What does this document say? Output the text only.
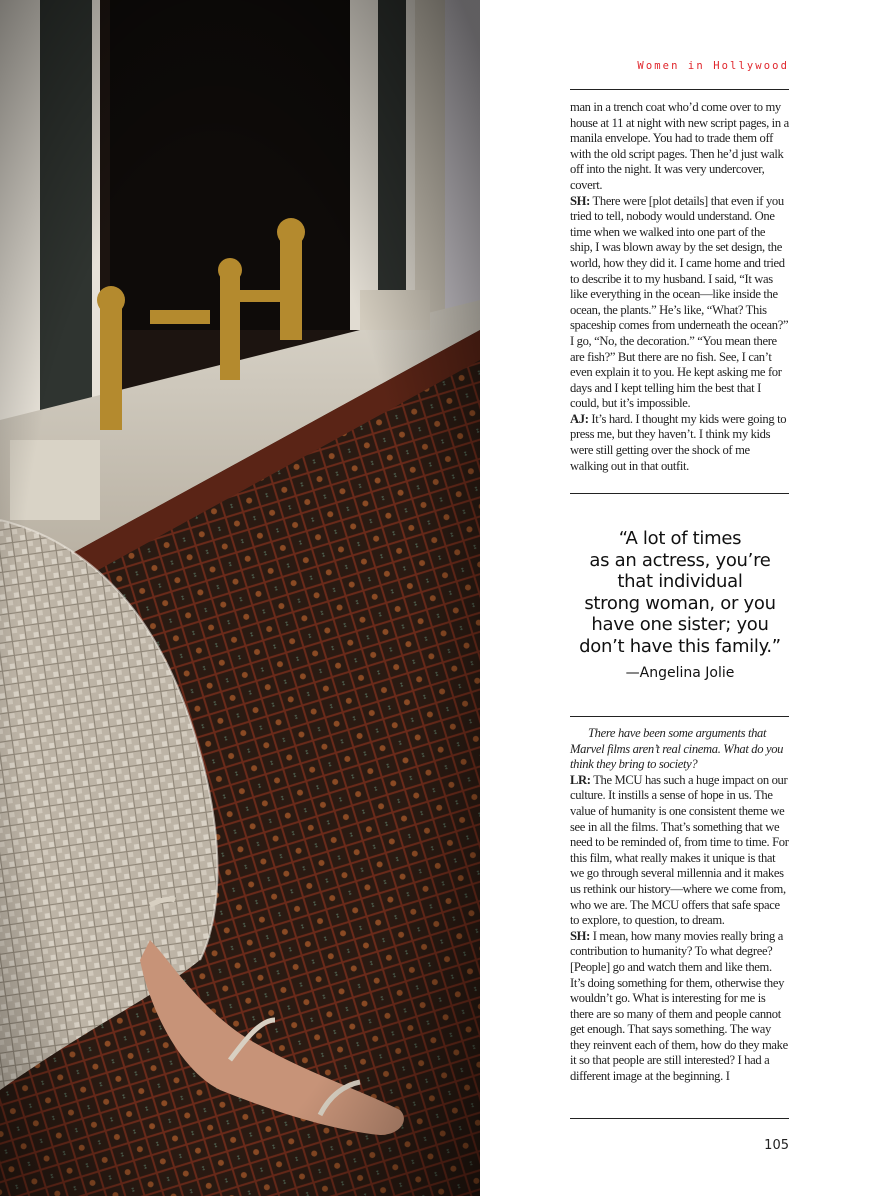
Women in Hollywood

man in a trench coat who’d come over to my house at 11 at night with new script pages, in a manila envelope. You had to trade them off with the old script pages. Then he’d just walk off into the night. It was very undercover, covert.

SH: There were [plot details] that even if you tried to tell, nobody would understand. One time when we walked into one part of the ship, I was blown away by the set design, the world, how they did it. I came home and tried to describe it to my husband. I said, “It was like everything in the ocean—like inside the ocean, the plants.” He’s like, “What? This spaceship comes from underneath the ocean?” I go, “No, the decoration.” “You mean there are fish?” But there are no fish. See, I can’t even explain it to you. He kept asking me for days and I kept telling him the best that I could, but it’s impossible.

AJ: It’s hard. I thought my kids were going to press me, but they haven’t. I think my kids were still getting over the shock of me walking out in that outfit.

“A lot of times
as an actress, you’re
that individual
strong woman, or you
have one sister; you
don’t have this family.”

—Angelina Jolie

There have been some arguments that Marvel films aren’t real cinema. What do you think they bring to society?

LR: The MCU has such a huge impact on our culture. It instills a sense of hope in us. The value of humanity is one consistent theme we see in all the films. That’s something that we need to be reminded of, from time to time. For this film, what really makes it unique is that we go through several millennia and it makes us rethink our history—where we come from, who we are. The MCU offers that safe space to explore, to question, to dream.

SH: I mean, how many movies really bring a contribution to humanity? To what degree? [People] go and watch them and like them. It’s doing something for them, otherwise they wouldn’t go. What is interesting for me is there are so many of them and people cannot get enough. That says something. The way they reinvent each of them, how do they make it so that people are still interested? I had a different image at the beginning. I

105
